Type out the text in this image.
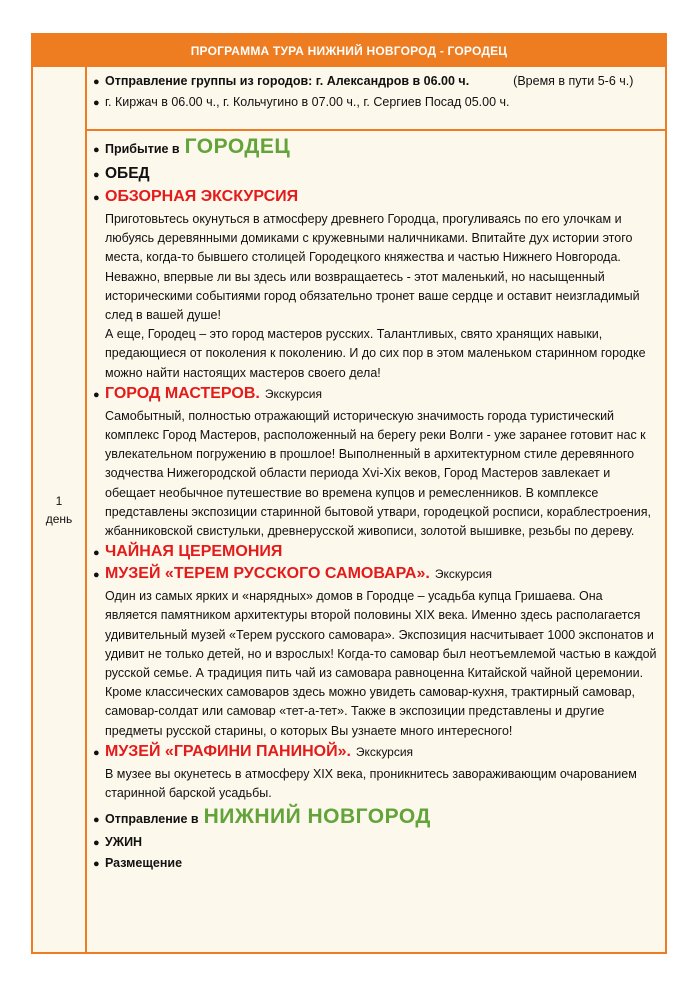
ПРОГРАММА ТУРА НИЖНИЙ НОВГОРОД - ГОРОДЕЦ
1
день
● Отправление группы из городов: г. Александров в 06.00 ч.	(Время в пути 5-6 ч.)
● г. Киржач в 06.00 ч., г. Кольчугино в 07.00 ч., г. Сергиев Посад 05.00 ч.
● Прибытие в ГОРОДЕЦ
● ОБЕД
● ОБЗОРНАЯ ЭКСКУРСИЯ
Приготовьтесь окунуться в атмосферу древнего Городца, прогуливаясь по его улочкам и любуясь деревянными домиками с кружевными наличниками. Впитайте дух истории этого места, когда-то бывшего столицей Городецкого княжества и частью Нижнего Новгорода. Неважно, впервые ли вы здесь или возвращаетесь - этот маленький, но насыщенный историческими событиями город обязательно тронет ваше сердце и оставит неизгладимый след в вашей душе!
А еще, Городец – это город мастеров русских. Талантливых, свято хранящих навыки, предающиеся от поколения к поколению. И до сих пор в этом маленьком старинном городке можно найти настоящих мастеров своего дела!
● ГОРОД МАСТЕРОВ. Экскурсия
Самобытный, полностью отражающий историческую значимость города туристический комплекс Город Мастеров, расположенный на берегу реки Волги - уже заранее готовит нас к увлекательном погружению в прошлое! Выполненный в архитектурном стиле деревянного зодчества Нижегородской области периода Xvi-Xix веков, Город Мастеров завлекает и обещает необычное путешествие во времена купцов и ремесленников. В комплексе представлены экспозиции старинной бытовой утвари, городецкой росписи, кораблестроения, жбанниковской свистульки, древнерусской живописи, золотой вышивке, резьбы по дереву.
● ЧАЙНАЯ ЦЕРЕМОНИЯ
● МУЗЕЙ «ТЕРЕМ РУССКОГО САМОВАРА». Экскурсия
Один из самых ярких и «нарядных» домов в Городце – усадьба купца Гришаева. Она является памятником архитектуры второй половины XIX века. Именно здесь располагается удивительный музей «Терем русского самовара». Экспозиция насчитывает 1000 экспонатов и удивит не только детей, но и взрослых! Когда-то самовар был неотъемлемой частью в каждой русской семье. А традиция пить чай из самовара равноценна Китайской чайной церемонии. Кроме классических самоваров здесь можно увидеть самовар-кухня, трактирный самовар, самовар-солдат или самовар «тет-а-тет». Также в экспозиции представлены и другие предметы русской старины, о которых Вы узнаете много интересного!
● МУЗЕЙ «ГРАФИНИ ПАНИНОЙ». Экскурсия
В музее вы окунетесь в атмосферу XIX века, проникнитесь завораживающим очарованием старинной барской усадьбы.
● Отправление в НИЖНИЙ НОВГОРОД
● УЖИН
● Размещение
